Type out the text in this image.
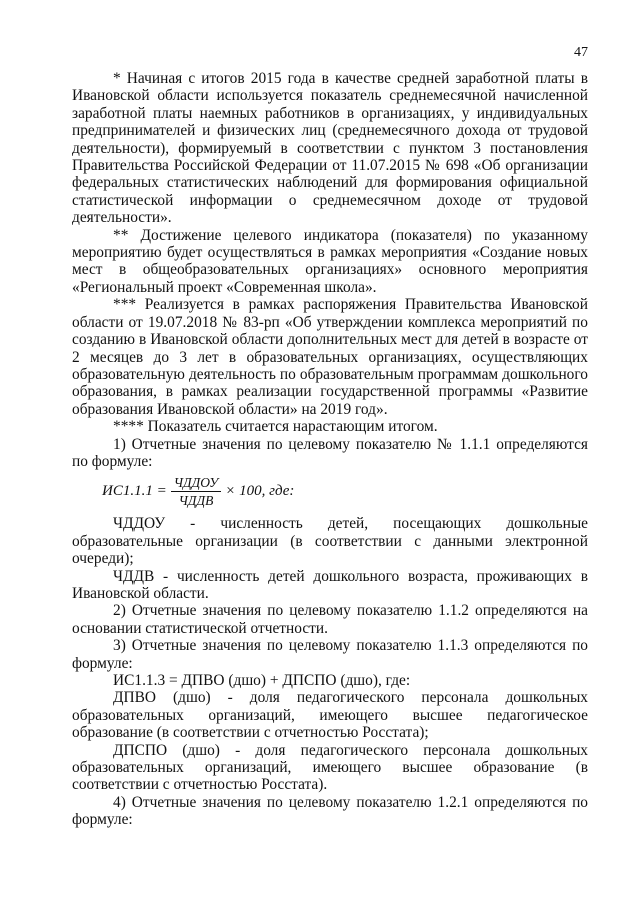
47

* Начиная с итогов 2015 года в качестве средней заработной платы в Ивановской области используется показатель среднемесячной начисленной заработной платы наемных работников в организациях, у индивидуальных предпринимателей и физических лиц (среднемесячного дохода от трудовой деятельности), формируемый в соответствии с пунктом 3 постановления Правительства Российской Федерации от 11.07.2015 № 698 «Об организации федеральных статистических наблюдений для формирования официальной статистической информации о среднемесячном доходе от трудовой деятельности».

** Достижение целевого индикатора (показателя) по указанному мероприятию будет осуществляться в рамках мероприятия «Создание новых мест в общеобразовательных организациях» основного мероприятия «Региональный проект «Современная школа».

*** Реализуется в рамках распоряжения Правительства Ивановской области от 19.07.2018 № 83-рп «Об утверждении комплекса мероприятий по созданию в Ивановской области дополнительных мест для детей в возрасте от 2 месяцев до 3 лет в образовательных организациях, осуществляющих образовательную деятельность по образовательным программам дошкольного образования, в рамках реализации государственной программы «Развитие образования Ивановской области» на 2019 год».

**** Показатель считается нарастающим итогом.

1) Отчетные значения по целевому показателю № 1.1.1 определяются по формуле:

$ИС1.1.1 = \frac{\text{ЧДДОУ}}{\text{ЧДДВ}} \times 100$, где:

ЧДДОУ - численность детей, посещающих дошкольные образовательные организации (в соответствии с данными электронной очереди);

ЧДДВ - численность детей дошкольного возраста, проживающих в Ивановской области.

2) Отчетные значения по целевому показателю 1.1.2 определяются на основании статистической отчетности.

3) Отчетные значения по целевому показателю 1.1.3 определяются по формуле:

ИС1.1.3 = ДПВО (дшо) + ДПСПО (дшо), где:

ДПВО (дшо) - доля педагогического персонала дошкольных образовательных организаций, имеющего высшее педагогическое образование (в соответствии с отчетностью Росстата);

ДПСПО (дшо) - доля педагогического персонала дошкольных образовательных организаций, имеющего высшее образование (в соответствии с отчетностью Росстата).

4) Отчетные значения по целевому показателю 1.2.1 определяются по формуле:
